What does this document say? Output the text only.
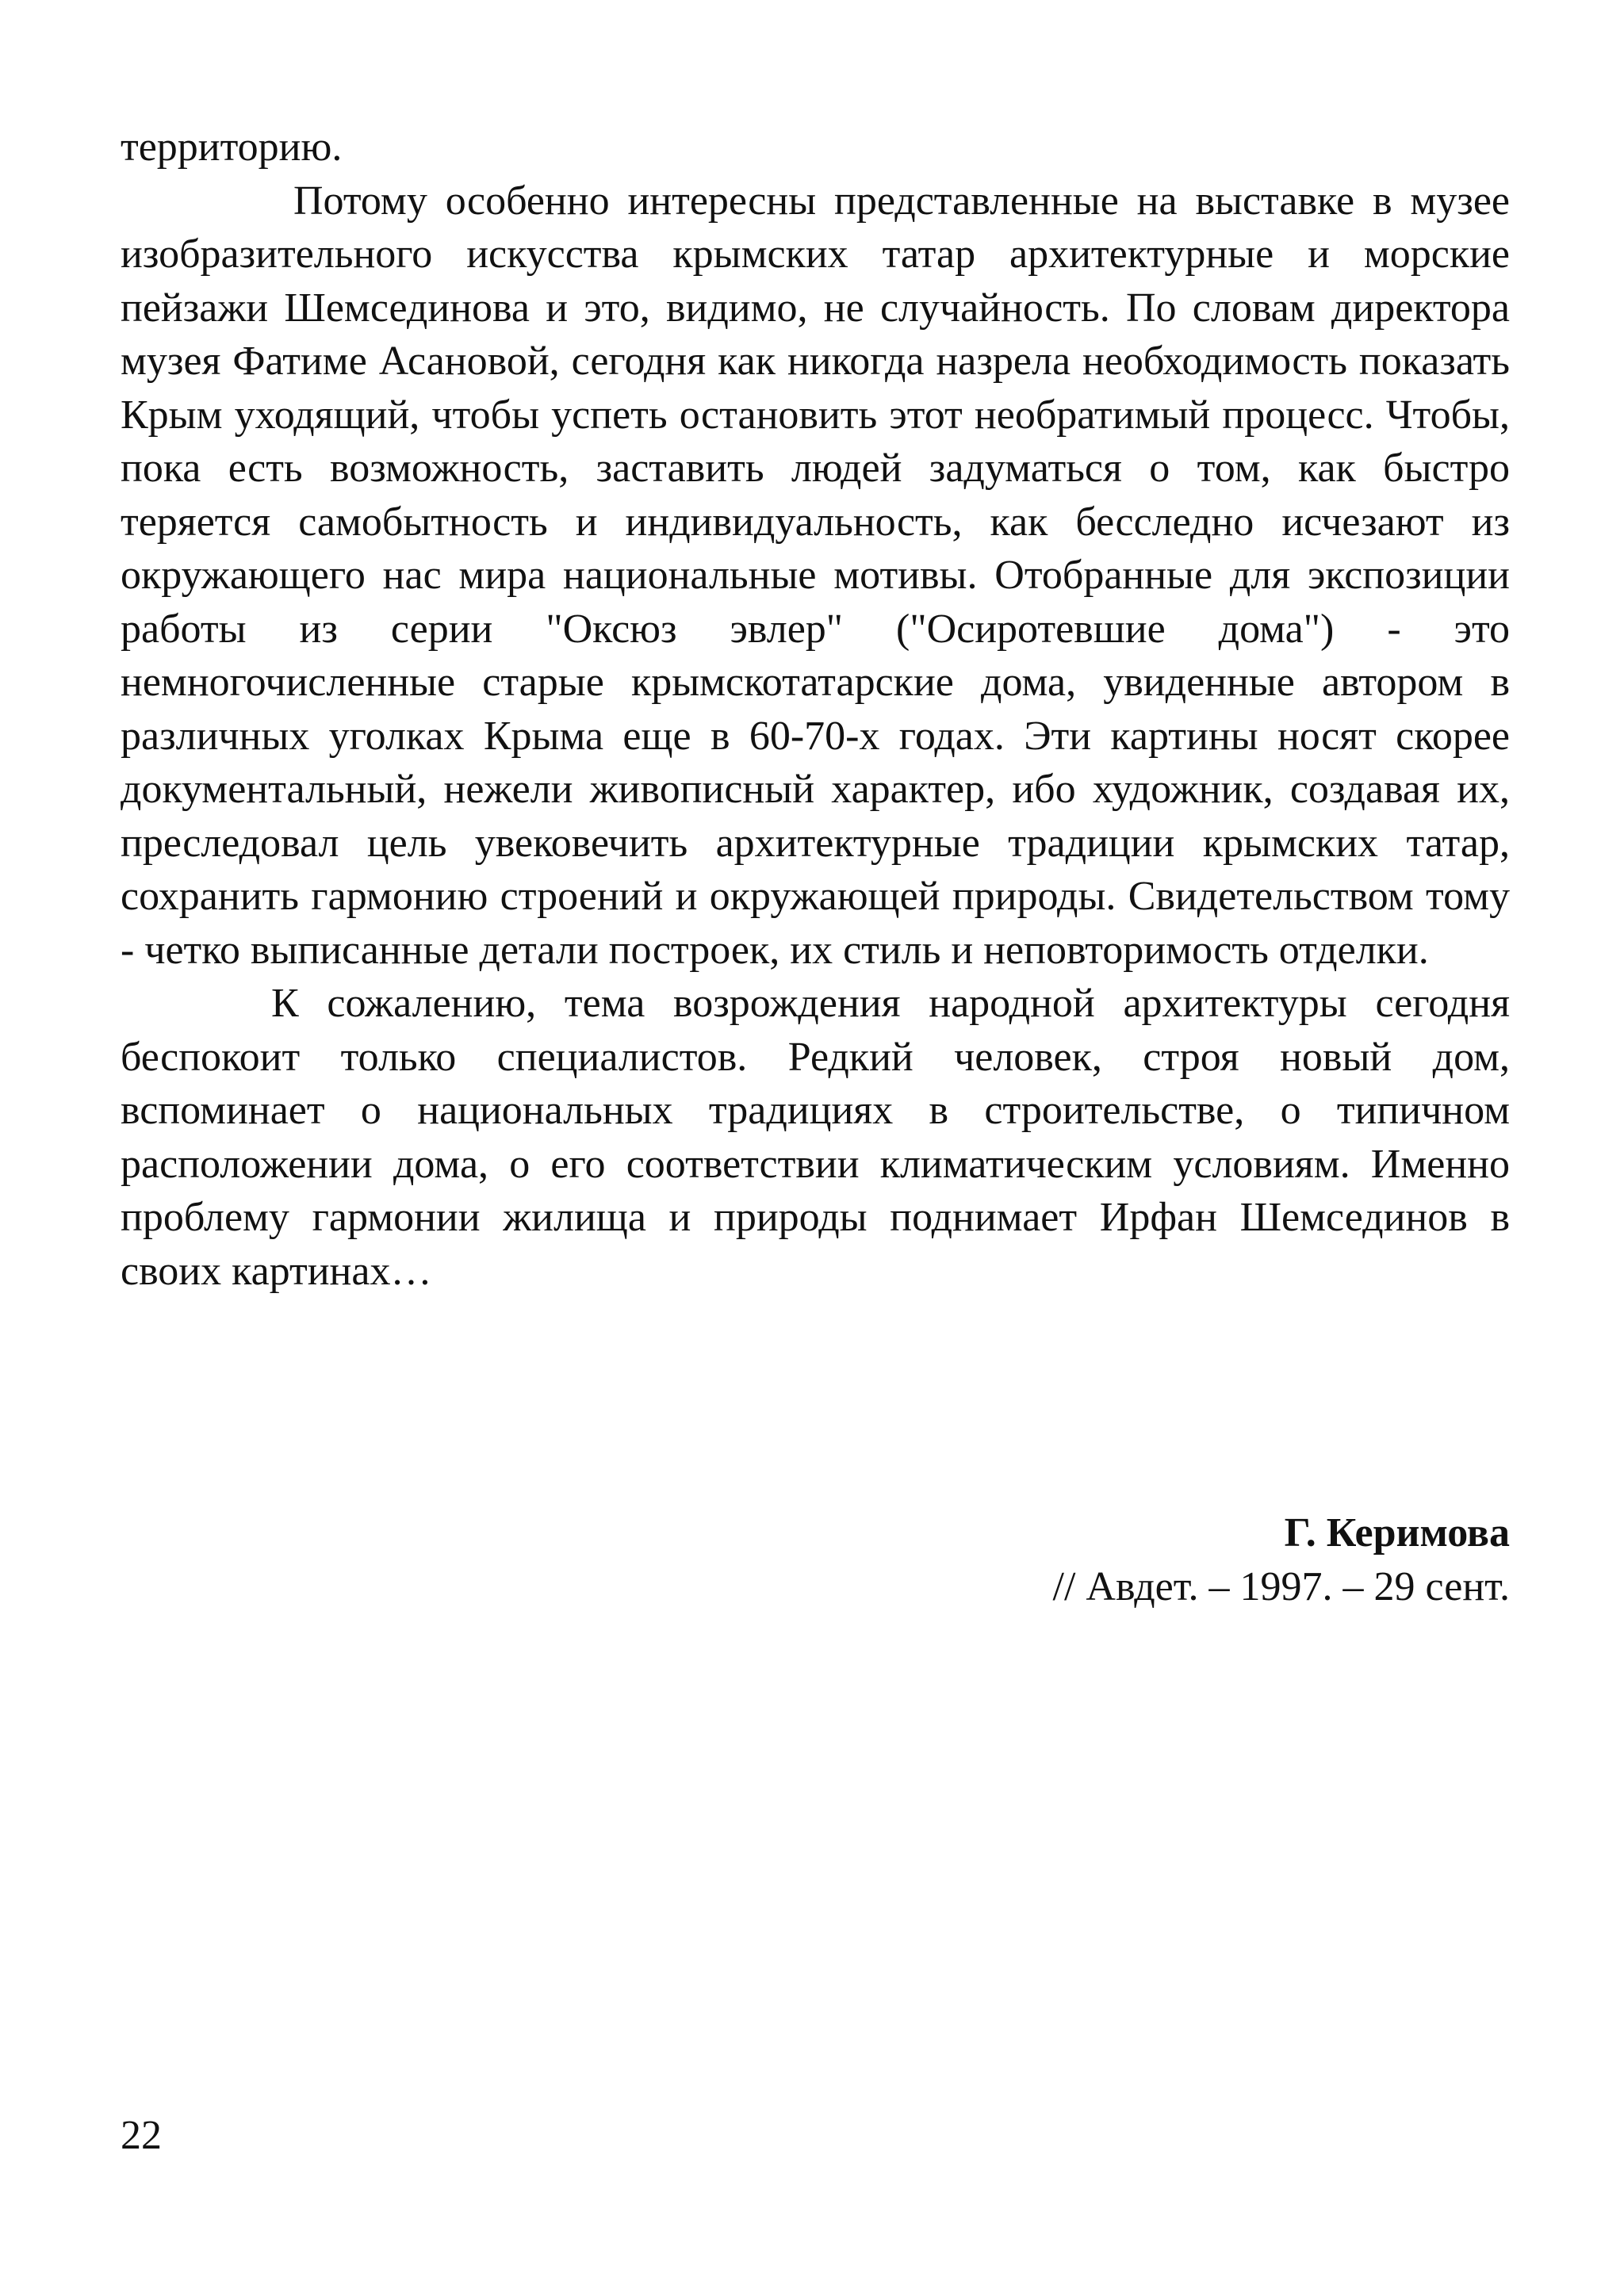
территорию.

Потому особенно интересны представленные на выставке в музее изобразительного искусства крымских татар архитектурные и морские пейзажи Шемсединова и это, видимо, не случайность. По словам директора музея Фатиме Асановой, сегодня как никогда назрела необходимость показать Крым уходящий, чтобы успеть остановить этот необратимый процесс. Чтобы, пока есть возможность, заставить людей задуматься о том, как быстро теряется самобытность и индивидуальность, как бесследно исчезают из окружающего нас мира национальные мотивы. Отобранные для экспозиции работы из серии "Оксюз эвлер" ("Осиротевшие дома") - это немногочисленные старые крымскотатарские дома, увиденные автором в различных уголках Крыма еще в 60-70-х годах. Эти картины носят скорее документальный, нежели живописный характер, ибо художник, создавая их, преследовал цель увековечить архитектурные традиции крымских татар, сохранить гармонию строений и окружающей природы. Свидетельством тому - четко выписанные детали построек, их стиль и неповторимость отделки.

К сожалению, тема возрождения народной архитектуры сегодня беспокоит только специалистов. Редкий человек, строя новый дом, вспоминает о национальных традициях в строительстве, о типичном расположении дома, о его соответствии климатическим условиям. Именно проблему гармонии жилища и природы поднимает Ирфан Шемсединов в своих картинах…

Г. Керимова
// Авдет. – 1997. – 29 сент.
22
